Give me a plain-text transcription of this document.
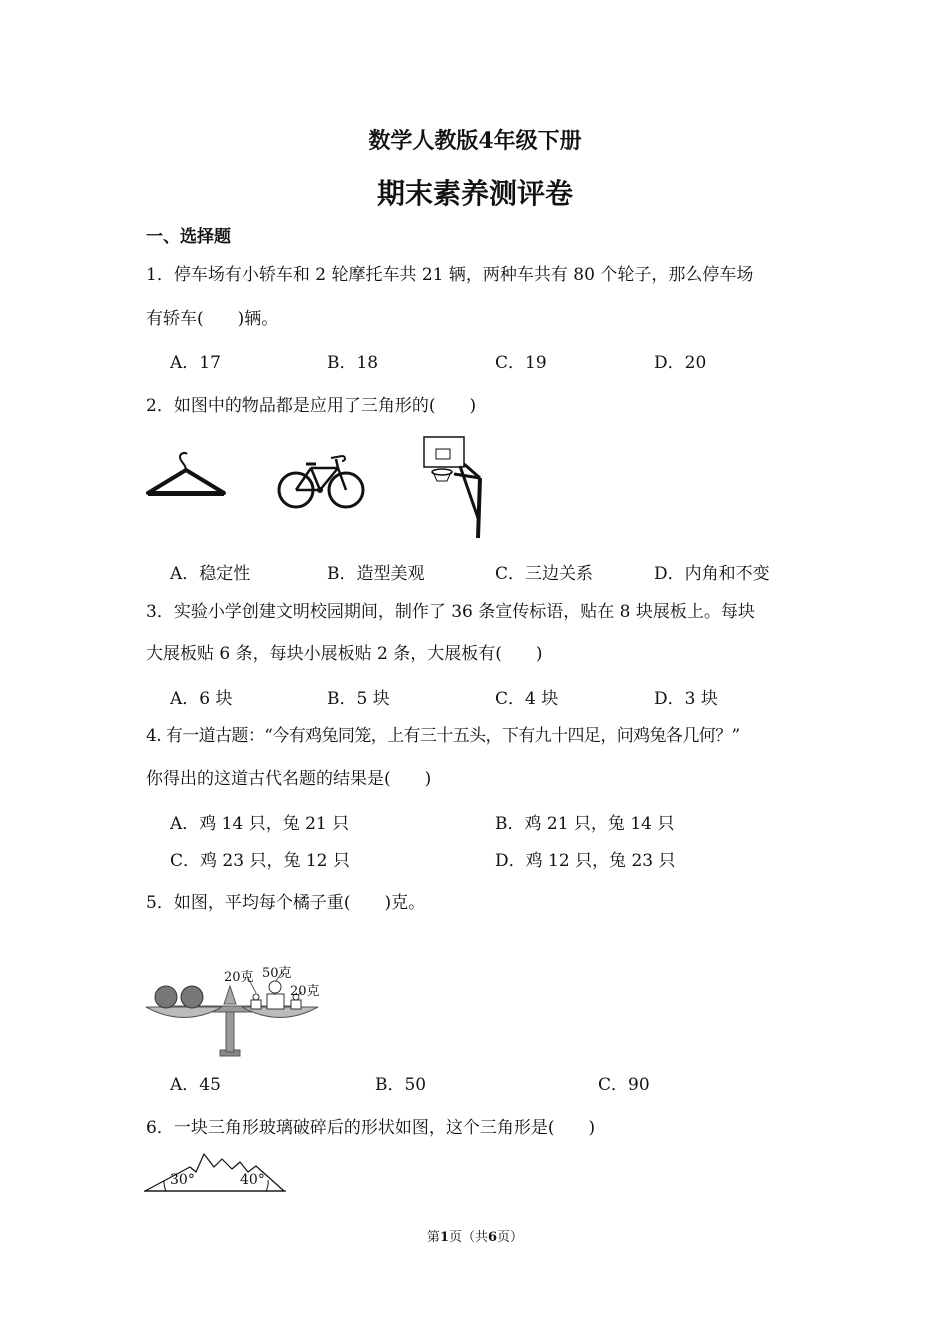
数学人教版4年级下册
期末素养测评卷
一、选择题
1．停车场有小轿车和 2 轮摩托车共 21 辆，两种车共有 80 个轮子，那么停车场
有轿车(　　)辆。
A．17	B．18	C．19	D．20
2．如图中的物品都是应用了三角形的(　　)
A．稳定性	B．造型美观	C．三边关系	D．内角和不变
3．实验小学创建文明校园期间，制作了 36 条宣传标语，贴在 8 块展板上。每块
大展板贴 6 条，每块小展板贴 2 条，大展板有(　　)
A．6 块	B．5 块	C．4 块	D．3 块
4. 有一道古题：“今有鸡兔同笼，上有三十五头，下有九十四足，问鸡兔各几何？”
你得出的这道古代名题的结果是(　　)
A．鸡 14 只，兔 21 只	B．鸡 21 只，兔 14 只
C．鸡 23 只，兔 12 只	D．鸡 12 只，兔 23 只
5．如图，平均每个橘子重(　　)克。
20克 50克
20克
A．45	B．50	C．90
6．一块三角形玻璃破碎后的形状如图，这个三角形是(　　)
30°	40°
第1页（共6页）
